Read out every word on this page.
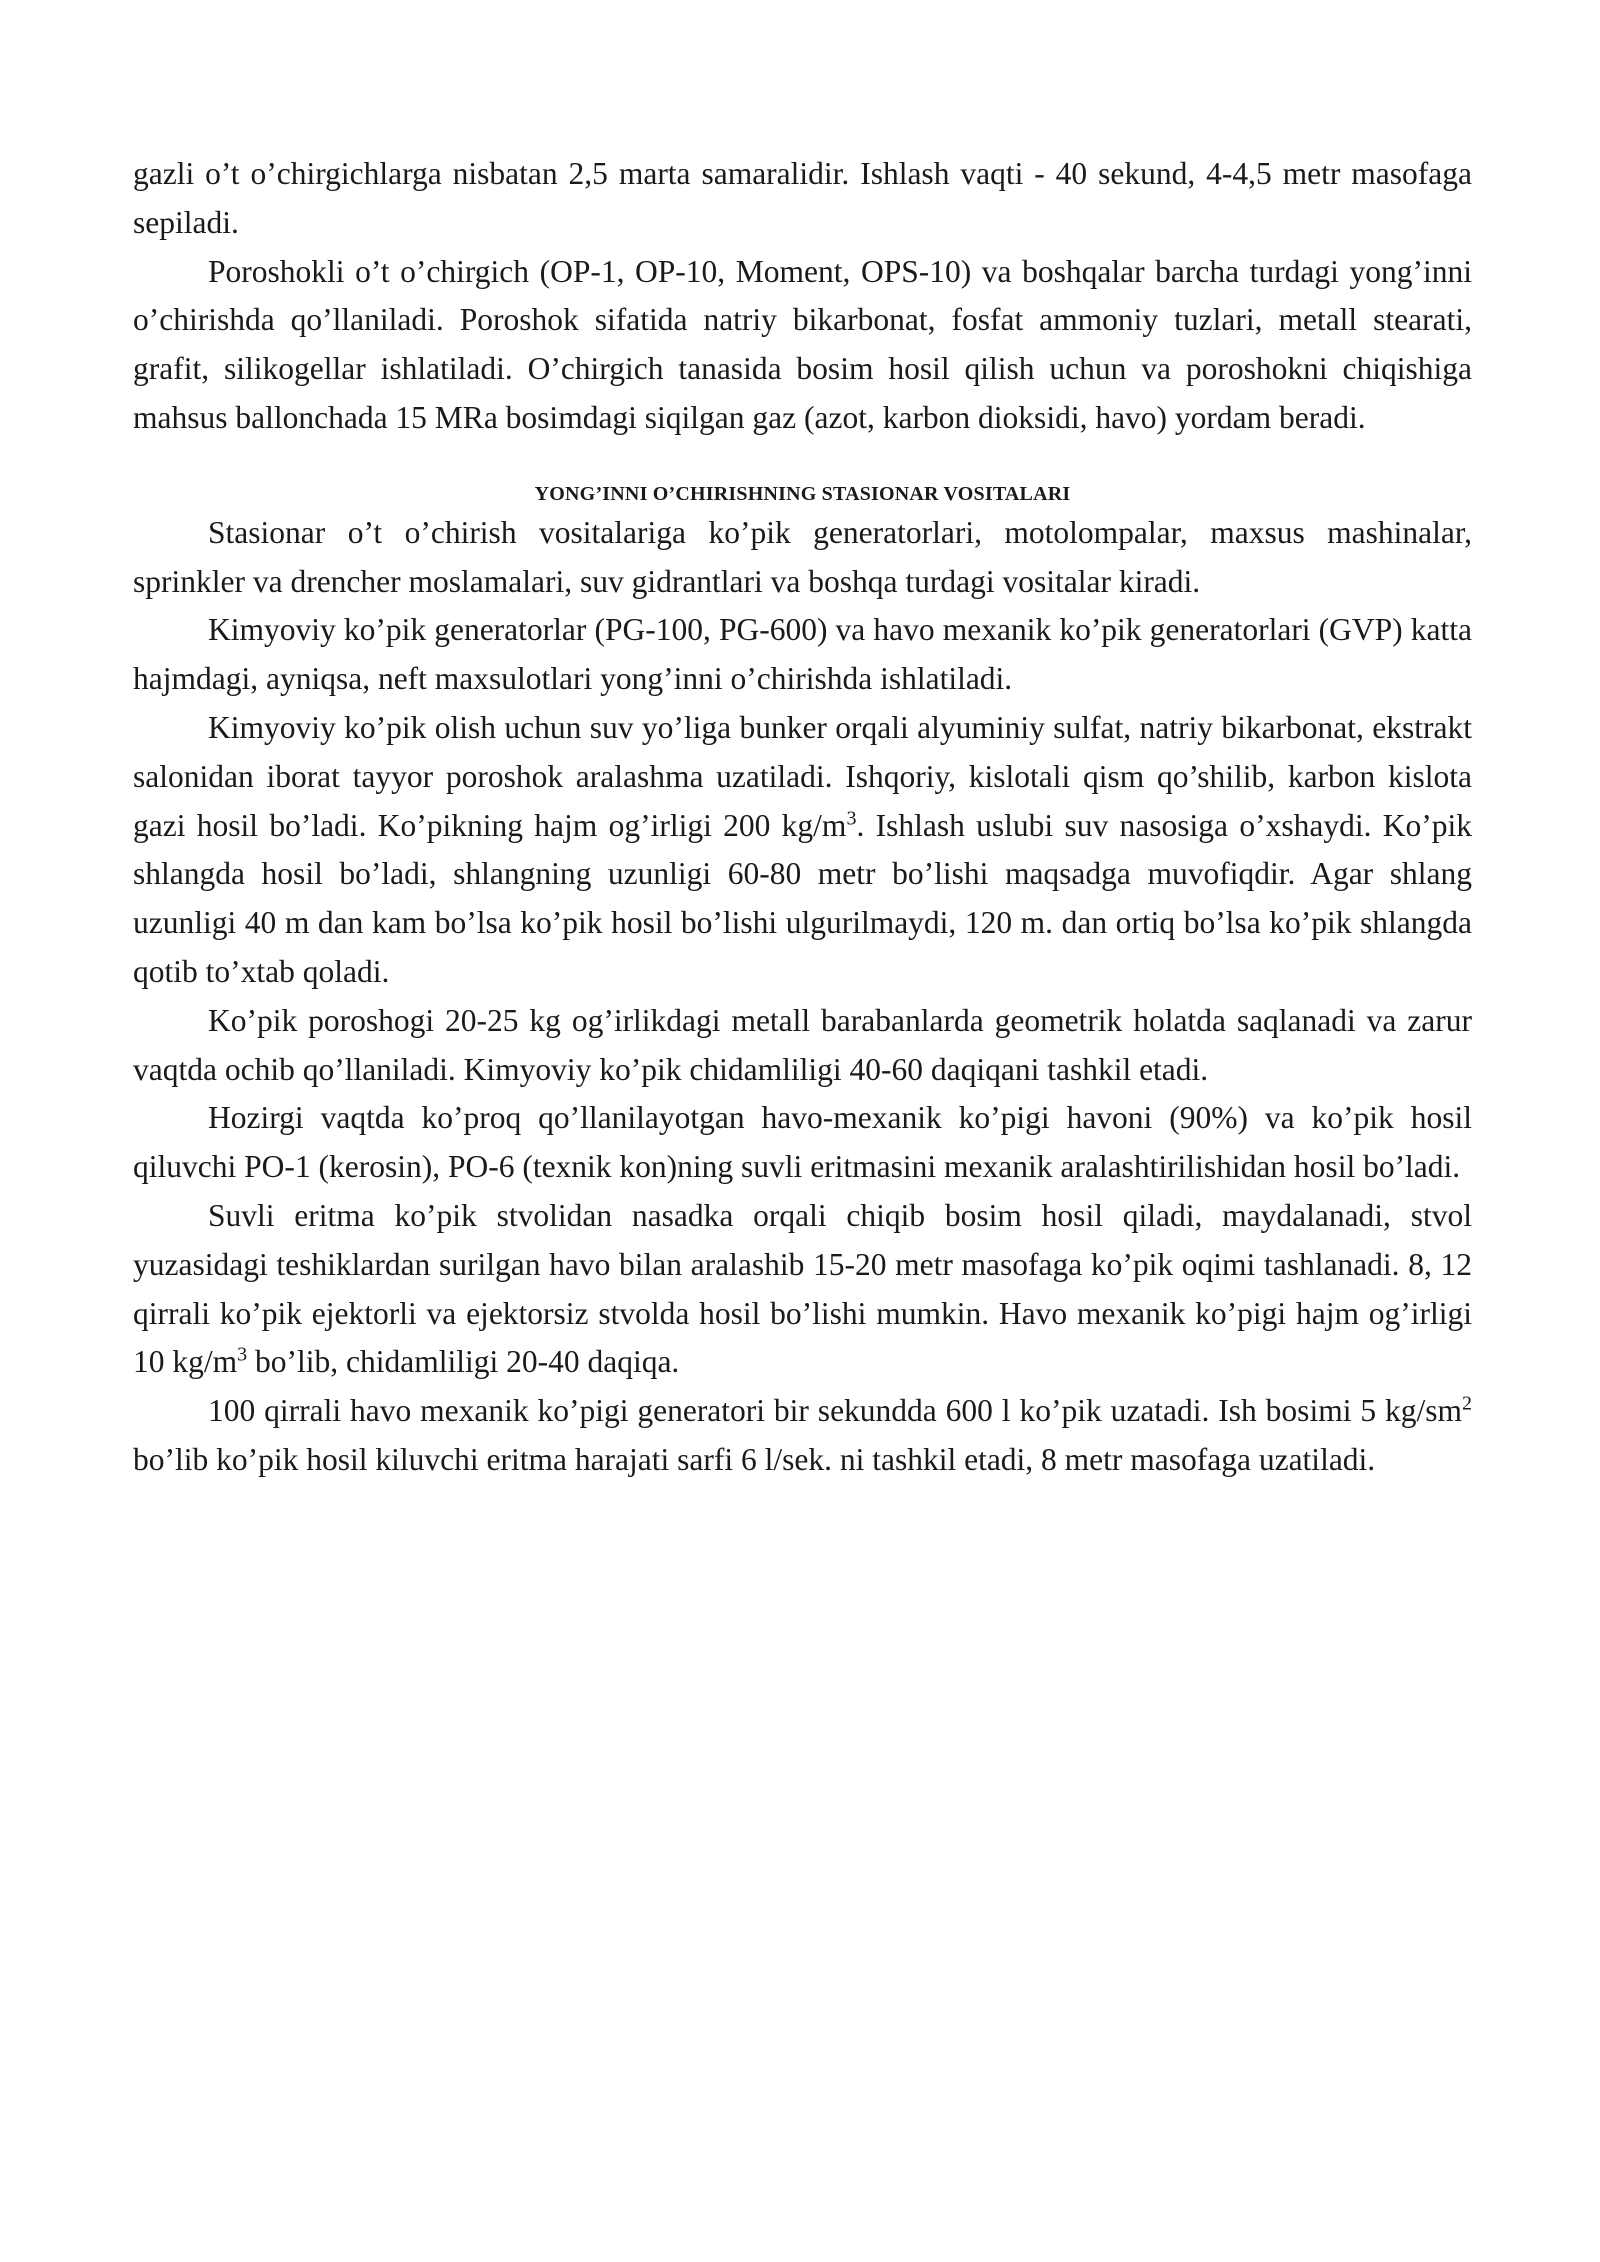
gazli o’t o’chirgichlarga nisbatan 2,5 marta samaralidir. Ishlash vaqti - 40 sekund, 4-4,5 metr masofaga sepiladi.

Poroshokli o’t o’chirgich (OP-1, OP-10, Moment, OPS-10) va boshqalar barcha turdagi yong’inni o’chirishda qo’llaniladi. Poroshok sifatida natriy bikarbonat, fosfat ammoniy tuzlari, metall stearati, grafit, silikogellar ishlatiladi. O’chirgich tanasida bosim hosil qilish uchun va poroshokni chiqishiga mahsus ballonchada 15 MRa bosimdagi siqilgan gaz (azot, karbon dioksidi, havo) yordam beradi.

YONG’INNI O’CHIRISHNING STASIONAR VOSITALARI

Stasionar o’t o’chirish vositalariga ko’pik generatorlari, motolompalar, maxsus mashinalar, sprinkler va drencher moslamalari, suv gidrantlari va boshqa turdagi vositalar kiradi.

Kimyoviy ko’pik generatorlar (PG-100, PG-600) va havo mexanik ko’pik generatorlari (GVP) katta hajmdagi, ayniqsa, neft maxsulotlari yong’inni o’chirishda ishlatiladi.

Kimyoviy ko’pik olish uchun suv yo’liga bunker orqali alyuminiy sulfat, natriy bikarbonat, ekstrakt salonidan iborat tayyor poroshok aralashma uzatiladi. Ishqoriy, kislotali qism qo’shilib, karbon kislota gazi hosil bo’ladi. Ko’pikning hajm og’irligi 200 $kg/m^3$. Ishlash uslubi suv nasosiga o’xshaydi. Ko’pik shlangda hosil bo’ladi, shlangning uzunligi 60-80 metr bo’lishi maqsadga muvofiqdir. Agar shlang uzunligi 40 m dan kam bo’lsa ko’pik hosil bo’lishi ulgurilmaydi, 120 m. dan ortiq bo’lsa ko’pik shlangda qotib to’xtab qoladi.

Ko’pik poroshogi 20-25 kg og’irlikdagi metall barabanlarda geometrik holatda saqlanadi va zarur vaqtda ochib qo’llaniladi. Kimyoviy ko’pik chidamliligi 40-60 daqiqani tashkil etadi.

Hozirgi vaqtda ko’proq qo’llanilayotgan havo-mexanik ko’pigi havoni (90%) va ko’pik hosil qiluvchi PO-1 (kerosin), PO-6 (texnik kon)ning suvli eritmasini mexanik aralashtirilishidan hosil bo’ladi.

Suvli eritma ko’pik stvolidan nasadka orqali chiqib bosim hosil qiladi, maydalanadi, stvol yuzasidagi teshiklardan surilgan havo bilan aralashib 15-20 metr masofaga ko’pik oqimi tashlanadi. 8, 12 qirrali ko’pik ejektorli va ejektorsiz stvolda hosil bo’lishi mumkin. Havo mexanik ko’pigi hajm og’irligi 10 $kg/m^3$ bo’lib, chidamliligi 20-40 daqiqa.

100 qirrali havo mexanik ko’pigi generatori bir sekundda 600 l ko’pik uzatadi. Ish bosimi 5 $kg/sm^2$ bo’lib ko’pik hosil kiluvchi eritma harajati sarfi 6 l/sek. ni tashkil etadi, 8 metr masofaga uzatiladi.
